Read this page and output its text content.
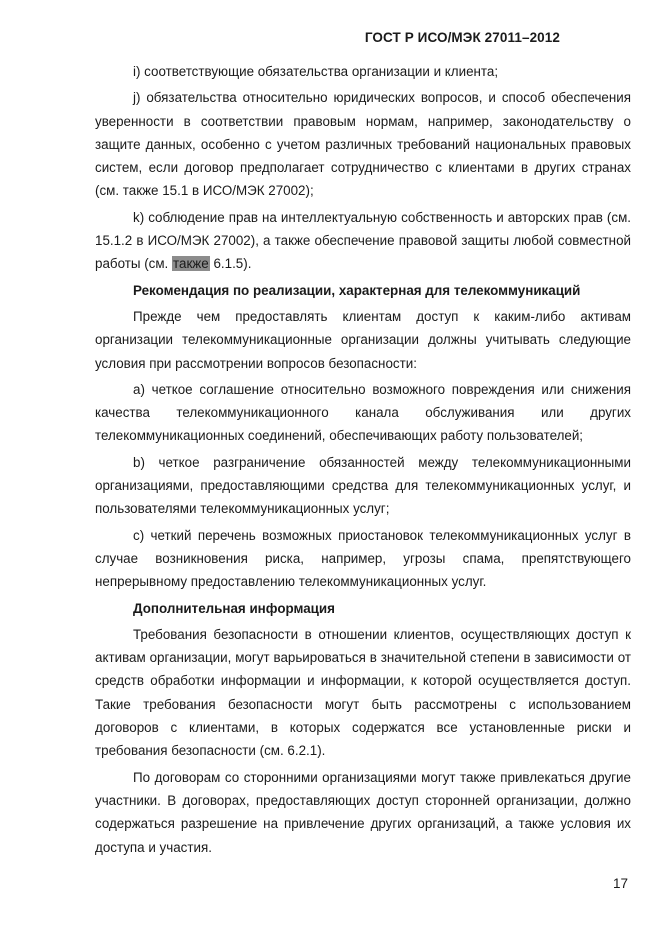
ГОСТ Р ИСО/МЭК 27011–2012

i) соответствующие обязательства организации и клиента;

j) обязательства относительно юридических вопросов, и способ обеспечения уверенности в соответствии правовым нормам, например, законодательству о защите данных, особенно с учетом различных требований национальных правовых систем, если договор предполагает сотрудничество с клиентами в других странах (см. также 15.1 в ИСО/МЭК 27002);

k) соблюдение прав на интеллектуальную собственность и авторских прав (см. 15.1.2 в ИСО/МЭК 27002), а также обеспечение правовой защиты любой совместной работы (см. также 6.1.5).

Рекомендация по реализации, характерная для телекоммуникаций

Прежде чем предоставлять клиентам доступ к каким-либо активам организации телекоммуникационные организации должны учитывать следующие условия при рассмотрении вопросов безопасности:

а) четкое соглашение относительно возможного повреждения или снижения качества телекоммуникационного канала обслуживания или других телекоммуникационных соединений, обеспечивающих работу пользователей;

b) четкое разграничение обязанностей между телекоммуникационными организациями, предоставляющими средства для телекоммуникационных услуг, и пользователями телекоммуникационных услуг;

с) четкий перечень возможных приостановок телекоммуникационных услуг в случае возникновения риска, например, угрозы спама, препятствующего непрерывному предоставлению телекоммуникационных услуг.

Дополнительная информация

Требования безопасности в отношении клиентов, осуществляющих доступ к активам организации, могут варьироваться в значительной степени в зависимости от средств обработки информации и информации, к которой осуществляется доступ. Такие требования безопасности могут быть рассмотрены с использованием договоров с клиентами, в которых содержатся все установленные риски и требования безопасности (см. 6.2.1).

По договорам со сторонними организациями могут также привлекаться другие участники. В договорах, предоставляющих доступ сторонней организации, должно содержаться разрешение на привлечение других организаций, а также условия их доступа и участия.

17
